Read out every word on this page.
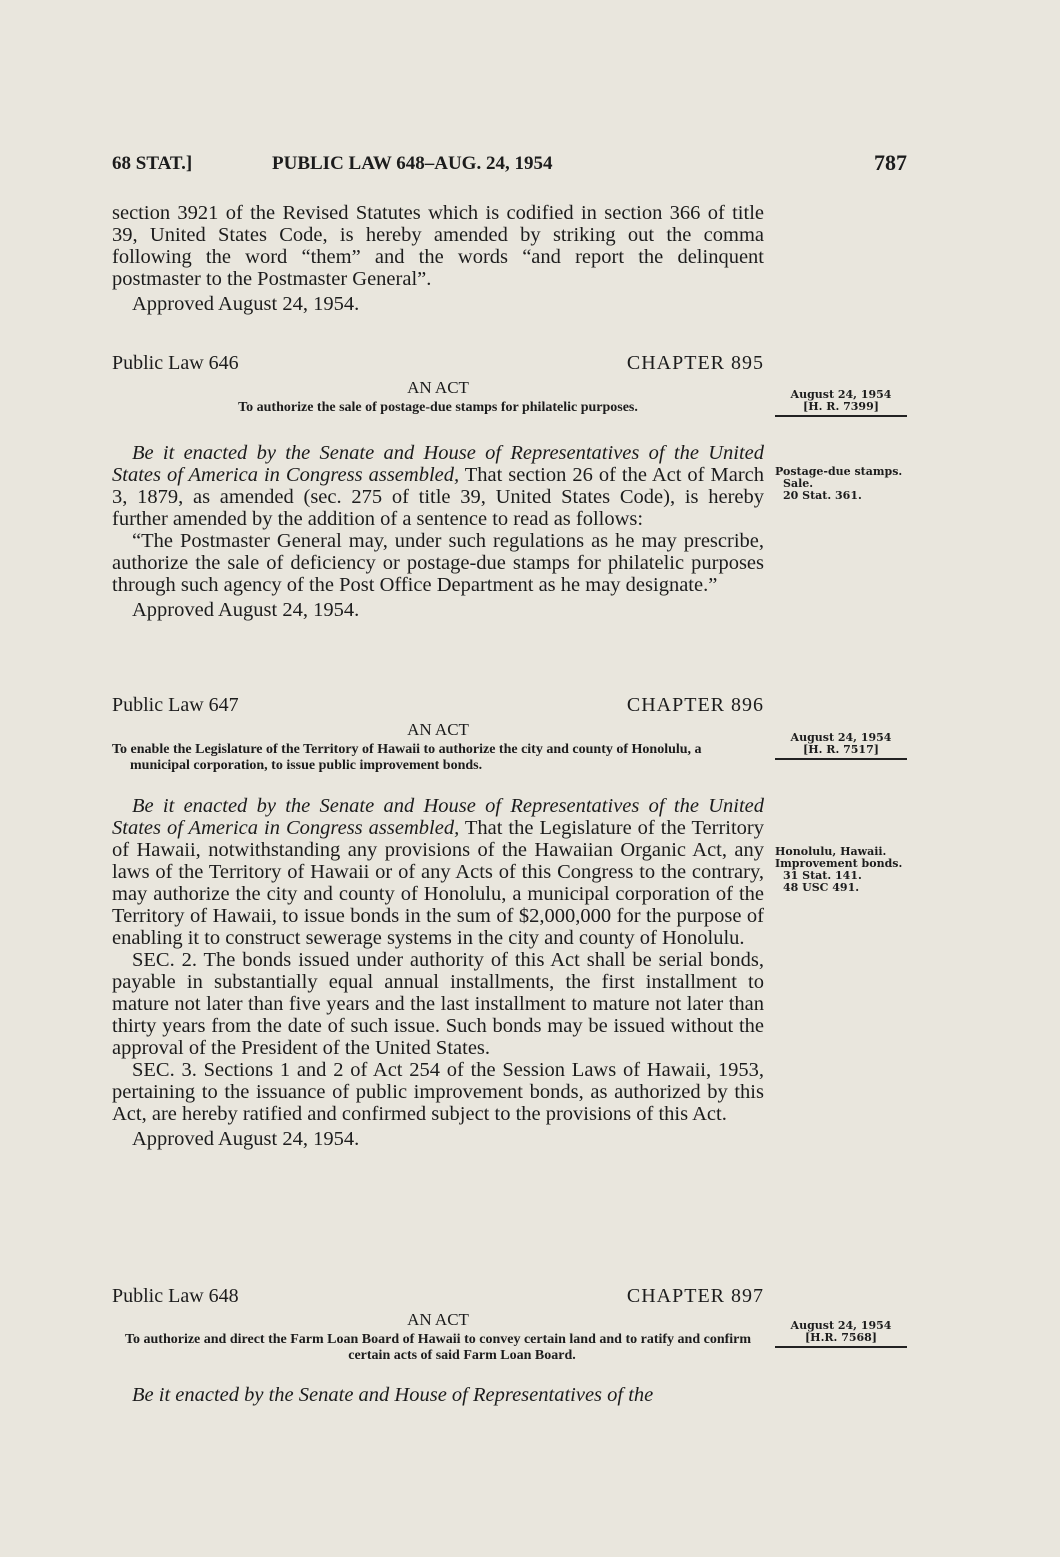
68 STAT.]	PUBLIC LAW 648–AUG. 24, 1954	787

section 3921 of the Revised Statutes which is codified in section 366 of title 39, United States Code, is hereby amended by striking out the comma following the word “them” and the words “and report the delinquent postmaster to the Postmaster General”.

Approved August 24, 1954.

Public Law 646	CHAPTER 895

AN ACT

To authorize the sale of postage-due stamps for philatelic purposes.

Be it enacted by the Senate and House of Representatives of the United States of America in Congress assembled, That section 26 of the Act of March 3, 1879, as amended (sec. 275 of title 39, United States Code), is hereby further amended by the addition of a sentence to read as follows:

“The Postmaster General may, under such regulations as he may prescribe, authorize the sale of deficiency or postage-due stamps for philatelic purposes through such agency of the Post Office Department as he may designate.”

Approved August 24, 1954.

August 24, 1954
[H. R. 7399]
Postage-due stamps.
Sale.
20 Stat. 361.
Public Law 647	CHAPTER 896

AN ACT

To enable the Legislature of the Territory of Hawaii to authorize the city and county of Honolulu, a municipal corporation, to issue public improvement bonds.

Be it enacted by the Senate and House of Representatives of the United States of America in Congress assembled, That the Legislature of the Territory of Hawaii, notwithstanding any provisions of the Hawaiian Organic Act, any laws of the Territory of Hawaii or of any Acts of this Congress to the contrary, may authorize the city and county of Honolulu, a municipal corporation of the Territory of Hawaii, to issue bonds in the sum of $2,000,000 for the purpose of enabling it to construct sewerage systems in the city and county of Honolulu.

SEC. 2. The bonds issued under authority of this Act shall be serial bonds, payable in substantially equal annual installments, the first installment to mature not later than five years and the last installment to mature not later than thirty years from the date of such issue. Such bonds may be issued without the approval of the President of the United States.

SEC. 3. Sections 1 and 2 of Act 254 of the Session Laws of Hawaii, 1953, pertaining to the issuance of public improvement bonds, as authorized by this Act, are hereby ratified and confirmed subject to the provisions of this Act.

Approved August 24, 1954.

August 24, 1954
[H. R. 7517]
Honolulu, Hawaii.
Improvement bonds.
31 Stat. 141.
48 USC 491.
Public Law 648	CHAPTER 897

AN ACT

To authorize and direct the Farm Loan Board of Hawaii to convey certain land and to ratify and confirm certain acts of said Farm Loan Board.

Be it enacted by the Senate and House of Representatives of the

August 24, 1954
[H.R. 7568]
